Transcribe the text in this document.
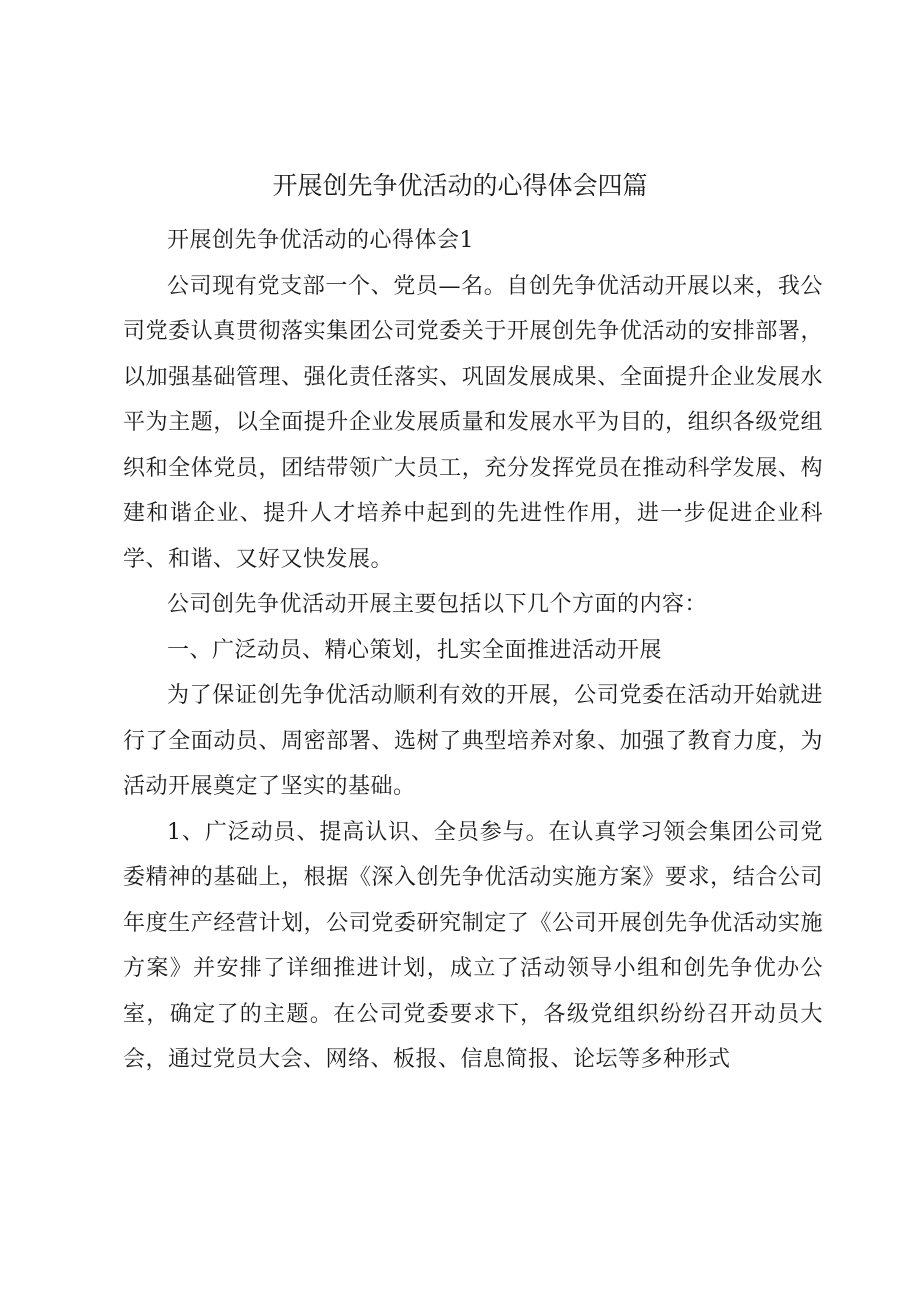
开展创先争优活动的心得体会四篇

开展创先争优活动的心得体会1

公司现有党支部一个、党员—名。自创先争优活动开展以来，我公司党委认真贯彻落实集团公司党委关于开展创先争优活动的安排部署，以加强基础管理、强化责任落实、巩固发展成果、全面提升企业发展水平为主题，以全面提升企业发展质量和发展水平为目的，组织各级党组织和全体党员，团结带领广大员工，充分发挥党员在推动科学发展、构建和谐企业、提升人才培养中起到的先进性作用，进一步促进企业科学、和谐、又好又快发展。

公司创先争优活动开展主要包括以下几个方面的内容：

一、广泛动员、精心策划，扎实全面推进活动开展

为了保证创先争优活动顺利有效的开展，公司党委在活动开始就进行了全面动员、周密部署、选树了典型培养对象、加强了教育力度，为活动开展奠定了坚实的基础。

1、广泛动员、提高认识、全员参与。在认真学习领会集团公司党委精神的基础上，根据《深入创先争优活动实施方案》要求，结合公司年度生产经营计划，公司党委研究制定了《公司开展创先争优活动实施方案》并安排了详细推进计划，成立了活动领导小组和创先争优办公室，确定了的主题。在公司党委要求下，各级党组织纷纷召开动员大会，通过党员大会、网络、板报、信息简报、论坛等多种形式
